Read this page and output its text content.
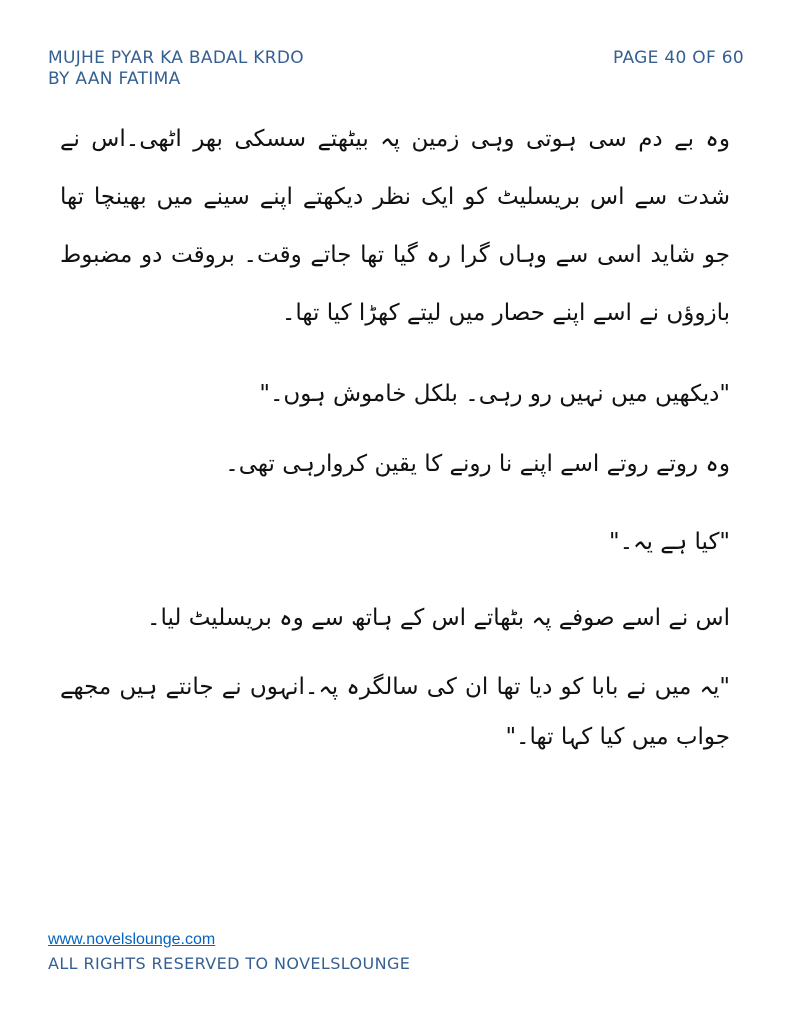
MUJHE PYAR KA BADAL KRDO
BY AAN FATIMA
PAGE 40 OF 60

وہ بے دم سی ہوتی وہی زمین پہ بیٹھتے سسکی بھر اٹھی۔اس نے شدت سے اس بریسلیٹ کو ایک نظر دیکھتے اپنے سینے میں بھینچا تھا جو شاید اسی سے وہاں گرا رہ گیا تھا جاتے وقت۔ بروقت دو مضبوط بازوؤں نے اسے اپنے حصار میں لیتے کھڑا کیا تھا۔

"دیکھیں میں نہیں رو رہی۔ بلکل خاموش ہوں۔"

وہ روتے روتے اسے اپنے نا رونے کا یقین کروارہی تھی۔

"کیا ہے یہ۔"

اس نے اسے صوفے پہ بٹھاتے اس کے ہاتھ سے وہ بریسلیٹ لیا۔

"یہ میں نے بابا کو دیا تھا ان کی سالگرہ پہ۔انہوں نے جانتے ہیں مجھے جواب میں کیا کہا تھا۔"

www.novelslounge.com
ALL RIGHTS RESERVED TO NOVELSLOUNGE
